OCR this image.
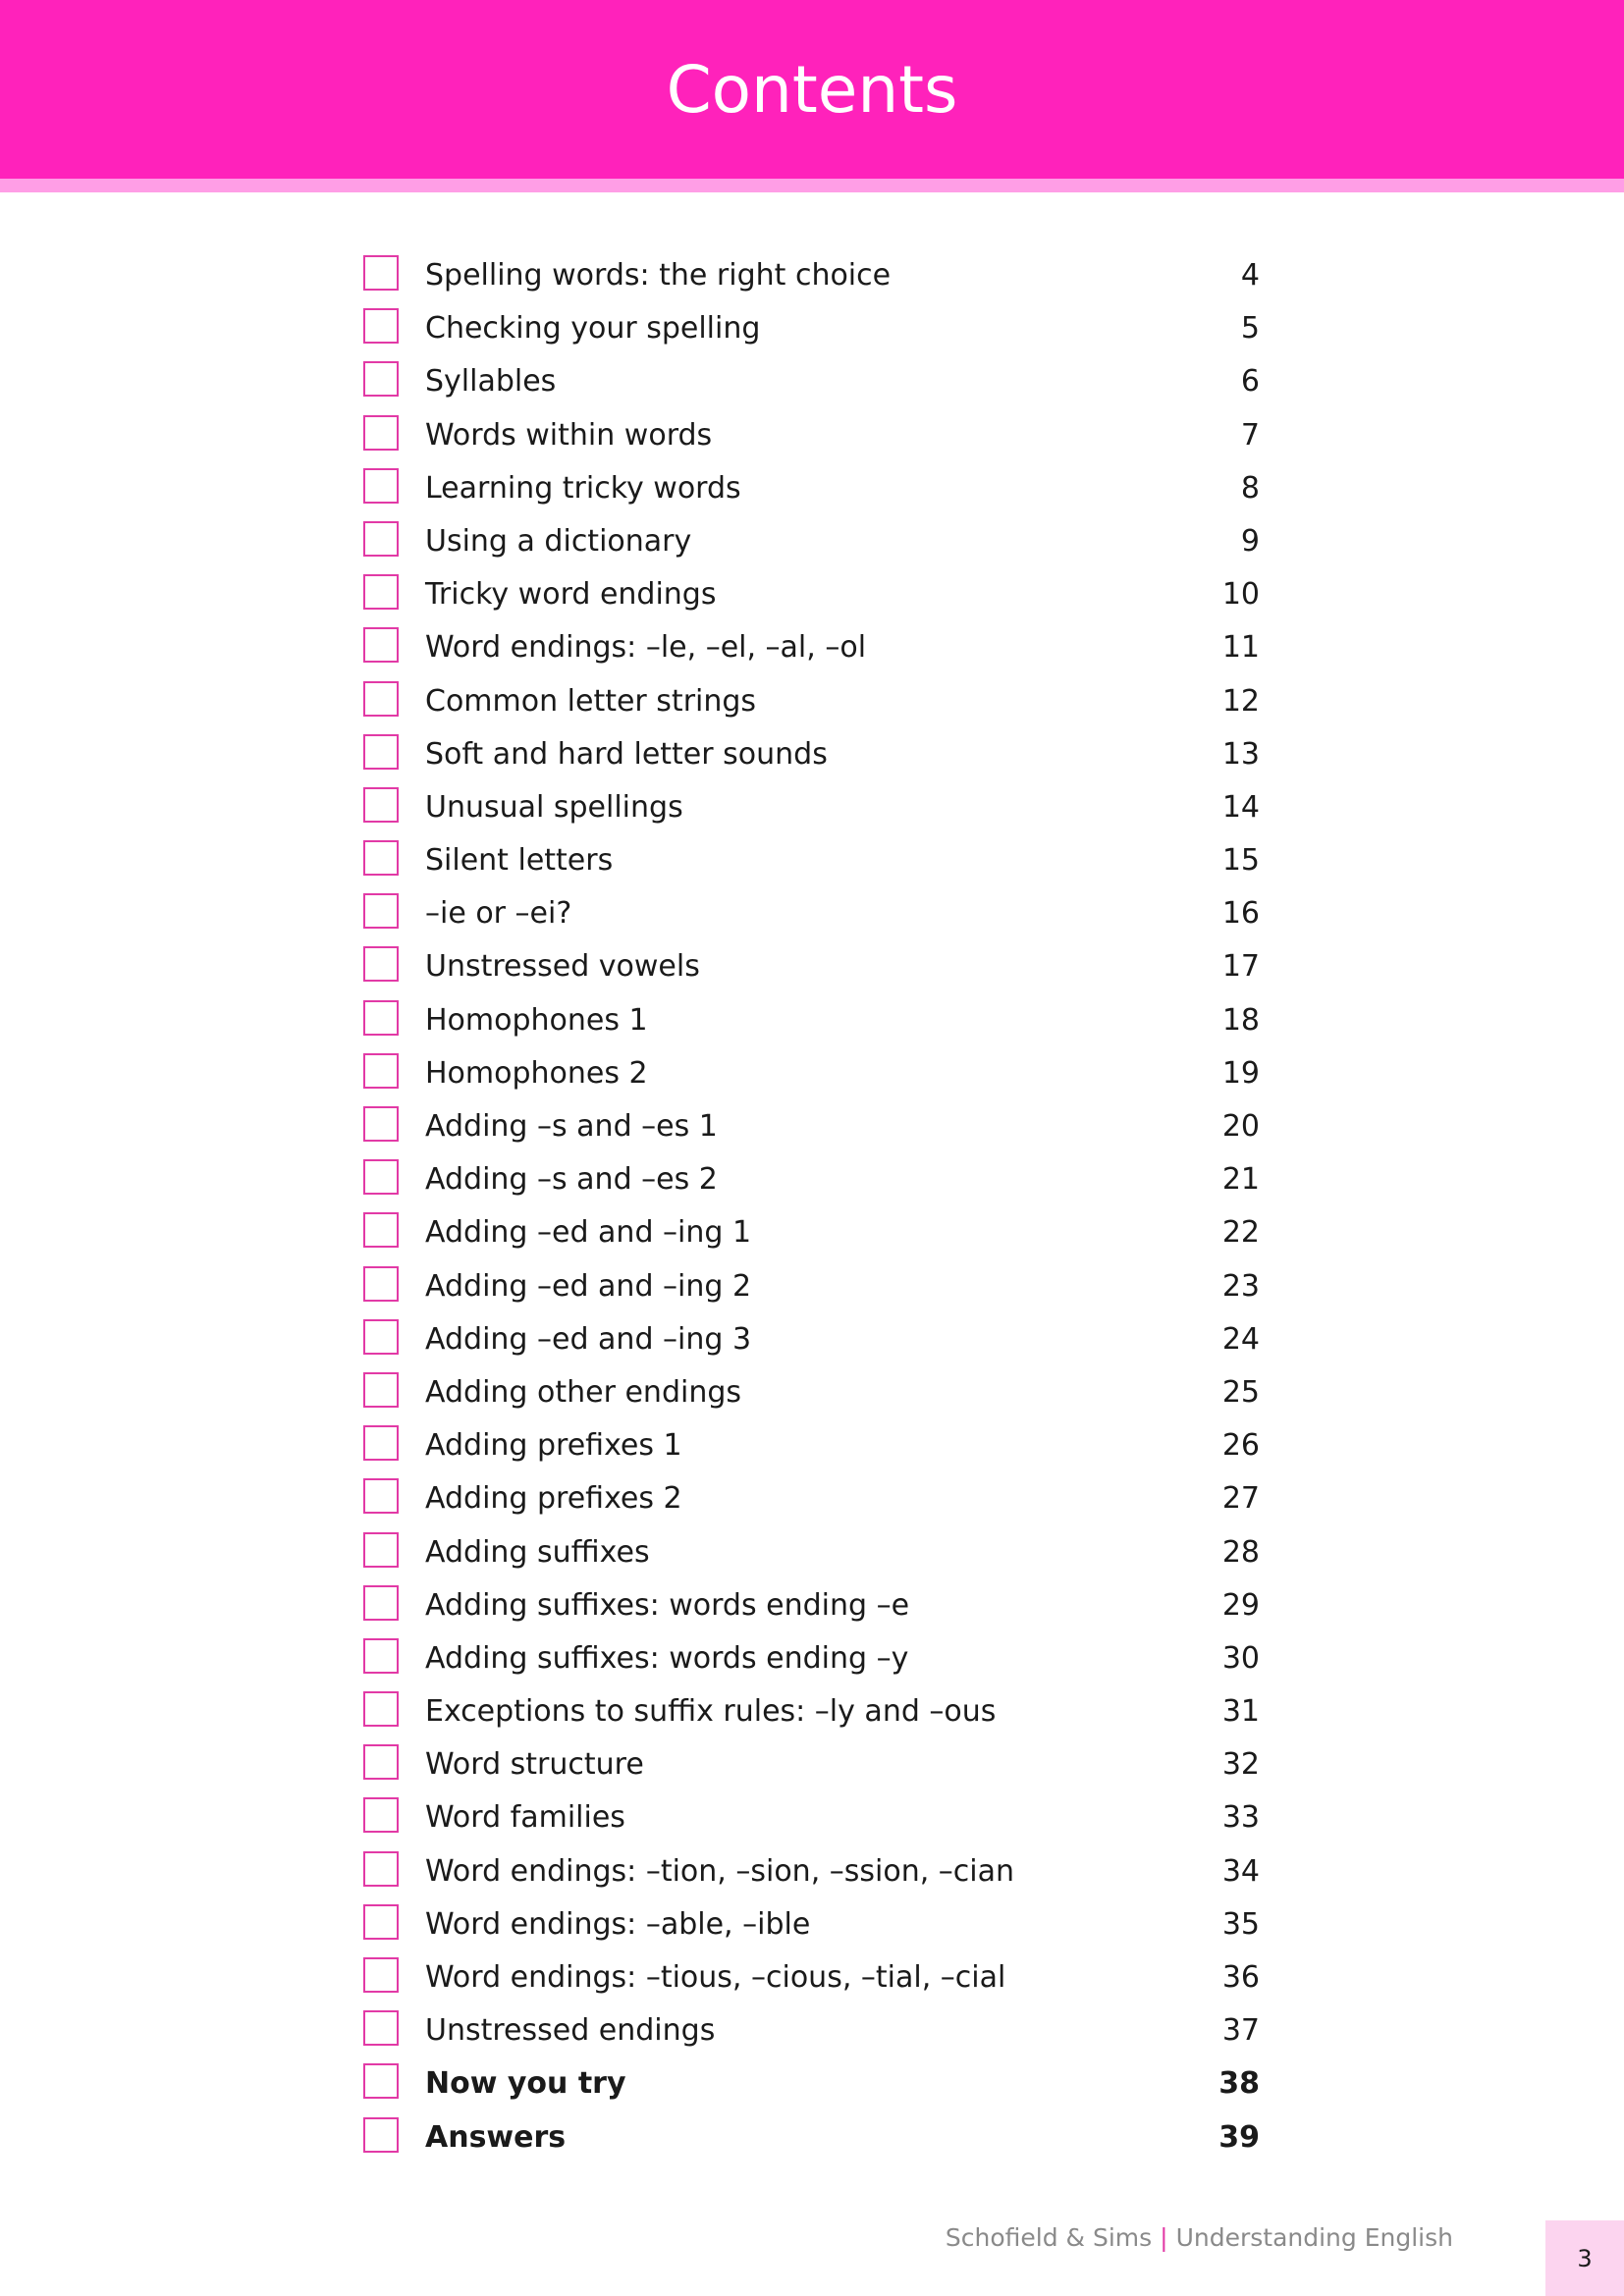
Contents
Spelling words: the right choice	4
Checking your spelling	5
Syllables	6
Words within words	7
Learning tricky words	8
Using a dictionary	9
Tricky word endings	10
Word endings: –le, –el, –al, –ol	11
Common letter strings	12
Soft and hard letter sounds	13
Unusual spellings	14
Silent letters	15
–ie or –ei?	16
Unstressed vowels	17
Homophones 1	18
Homophones 2	19
Adding –s and –es 1	20
Adding –s and –es 2	21
Adding –ed and –ing 1	22
Adding –ed and –ing 2	23
Adding –ed and –ing 3	24
Adding other endings	25
Adding prefixes 1	26
Adding prefixes 2	27
Adding suffixes	28
Adding suffixes: words ending –e	29
Adding suffixes: words ending –y	30
Exceptions to suffix rules: –ly and –ous	31
Word structure	32
Word families	33
Word endings: –tion, –sion, –ssion, –cian	34
Word endings: –able, –ible	35
Word endings: –tious, –cious, –tial, –cial	36
Unstressed endings	37
Now you try	38
Answers	39
Schofield & Sims | Understanding English
3
